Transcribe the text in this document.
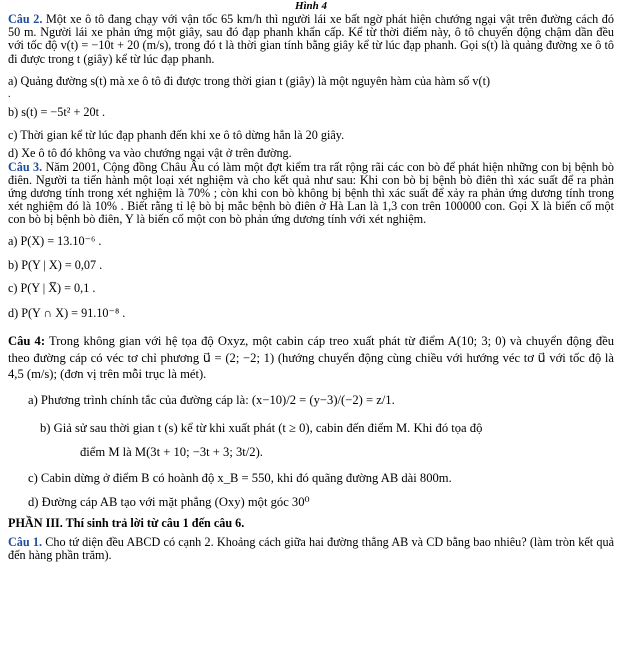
Hình 4

Câu 2. Một xe ô tô đang chạy với vận tốc 65 km/h thì người lái xe bất ngờ phát hiện chướng ngại vật trên đường cách đó 50 m. Người lái xe phản ứng một giây, sau đó đạp phanh khẩn cấp. Kể từ thời điểm này, ô tô chuyển động chậm dần đều với tốc độ v(t) = −10t + 20 (m/s), trong đó t là thời gian tính bằng giây kể từ lúc đạp phanh. Gọi s(t) là quảng đường xe ô tô đi được trong t (giây) kể từ lúc đạp phanh.

a) Quảng đường s(t) mà xe ô tô đi được trong thời gian t (giây) là một nguyên hàm của hàm số v(t)

.

b) s(t) = −5t² + 20t .

c) Thời gian kể từ lúc đạp phanh đến khi xe ô tô dừng hẳn là 20 giây.

d) Xe ô tô đó không va vào chướng ngại vật ở trên đường.

Câu 3. Năm 2001, Cộng đồng Châu Âu có làm một đợt kiểm tra rất rộng rãi các con bò để phát hiện những con bị bệnh bò điên. Người ta tiến hành một loại xét nghiệm và cho kết quả như sau: Khi con bò bị bệnh bò điên thì xác suất để ra phản ứng dương tính trong xét nghiệm là 70% ; còn khi con bò không bị bệnh thì xác suất để xảy ra phản ứng dương tính trong xét nghiệm đó là 10% . Biết rằng tỉ lệ bò bị mắc bệnh bò điên ở Hà Lan là 1,3 con trên 100000 con. Gọi X là biến cố một con bò bị bệnh bò điên, Y là biến cố một con bò phản ứng dương tính với xét nghiệm.

a) P(X) = 13.10⁻⁶ .

b) P(Y | X) = 0,07 .

c) P(Y | X̅) = 0,1 .

d) P(Y ∩ X) = 91.10⁻⁸ .

Câu 4: Trong không gian với hệ tọa độ Oxyz, một cabin cáp treo xuất phát từ điểm A(10; 3; 0) và chuyển động đều theo đường cáp có véc tơ chỉ phương u⃗ = (2; −2; 1) (hướng chuyển động cùng chiều với hướng véc tơ u⃗ với tốc độ là 4,5 (m/s); (đơn vị trên mỗi trục là mét).

a) Phương trình chính tắc của đường cáp là: (x−10)/2 = (y−3)/(−2) = z/1.

b) Giả sử sau thời gian t (s) kể từ khi xuất phát (t ≥ 0), cabin đến điểm M. Khi đó tọa độ

điểm M là M(3t + 10; −3t + 3; 3t/2).

c) Cabin dừng ở điểm B có hoành độ x_B = 550, khi đó quãng đường AB dài 800m.

d) Đường cáp AB tạo với mặt phẳng (Oxy) một góc 30⁰

PHẦN III. Thí sinh trả lời từ câu 1 đến câu 6.

Câu 1. Cho tứ diện đều ABCD có cạnh 2. Khoảng cách giữa hai đường thẳng AB và CD bằng bao nhiêu? (làm tròn kết quả đến hàng phần trăm).
